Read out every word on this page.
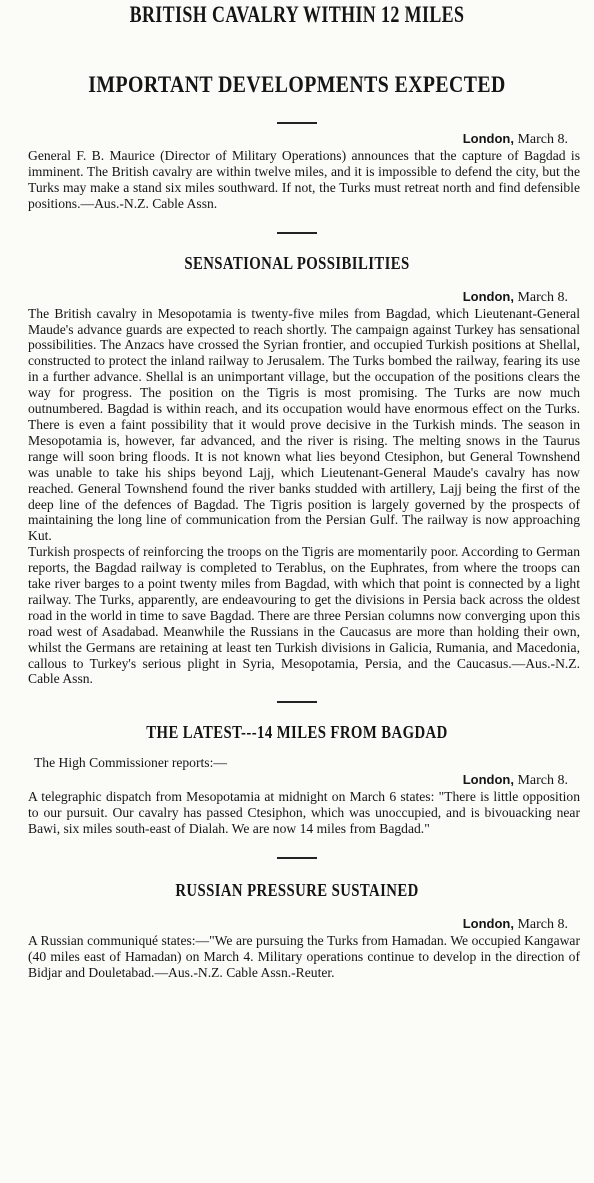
BRITISH CAVALRY WITHIN 12 MILES
IMPORTANT DEVELOPMENTS EXPECTED
London, March 8.

General F. B. Maurice (Director of Military Operations) announces that the capture of Bagdad is imminent. The British cavalry are within twelve miles, and it is impossible to defend the city, but the Turks may make a stand six miles southward. If not, the Turks must retreat north and find defensible positions.—Aus.-N.Z. Cable Assn.

SENSATIONAL POSSIBILITIES
London, March 8.

The British cavalry in Mesopotamia is twenty-five miles from Bagdad, which Lieutenant-General Maude's advance guards are expected to reach shortly. The campaign against Turkey has sensational possibilities. The Anzacs have crossed the Syrian frontier, and occupied Turkish positions at Shellal, constructed to protect the inland railway to Jerusalem. The Turks bombed the railway, fearing its use in a further advance. Shellal is an unimportant village, but the occupation of the positions clears the way for progress. The position on the Tigris is most promising. The Turks are now much outnumbered. Bagdad is within reach, and its occupation would have enormous effect on the Turks. There is even a faint possibility that it would prove decisive in the Turkish minds. The season in Mesopotamia is, however, far advanced, and the river is rising. The melting snows in the Taurus range will soon bring floods. It is not known what lies beyond Ctesiphon, but General Townshend was unable to take his ships beyond Lajj, which Lieutenant-General Maude's cavalry has now reached. General Townshend found the river banks studded with artillery, Lajj being the first of the deep line of the defences of Bagdad. The Tigris position is largely governed by the prospects of maintaining the long line of communication from the Persian Gulf. The railway is now approaching Kut.

Turkish prospects of reinforcing the troops on the Tigris are momentarily poor. According to German reports, the Bagdad railway is completed to Terablus, on the Euphrates, from where the troops can take river barges to a point twenty miles from Bagdad, with which that point is connected by a light railway. The Turks, apparently, are endeavouring to get the divisions in Persia back across the oldest road in the world in time to save Bagdad. There are three Persian columns now converging upon this road west of Asadabad. Meanwhile the Russians in the Caucasus are more than holding their own, whilst the Germans are retaining at least ten Turkish divisions in Galicia, Rumania, and Macedonia, callous to Turkey's serious plight in Syria, Mesopotamia, Persia, and the Caucasus.—Aus.-N.Z. Cable Assn.

THE LATEST---14 MILES FROM BAGDAD

The High Commissioner reports:—

London, March 8.

A telegraphic dispatch from Mesopotamia at midnight on March 6 states: "There is little opposition to our pursuit. Our cavalry has passed Ctesiphon, which was unoccupied, and is bivouacking near Bawi, six miles south-east of Dialah. We are now 14 miles from Bagdad."

RUSSIAN PRESSURE SUSTAINED
London, March 8.

A Russian communiqué states:—"We are pursuing the Turks from Hamadan. We occupied Kangawar (40 miles east of Hamadan) on March 4. Military operations continue to develop in the direction of Bidjar and Douletabad.—Aus.-N.Z. Cable Assn.-Reuter.
